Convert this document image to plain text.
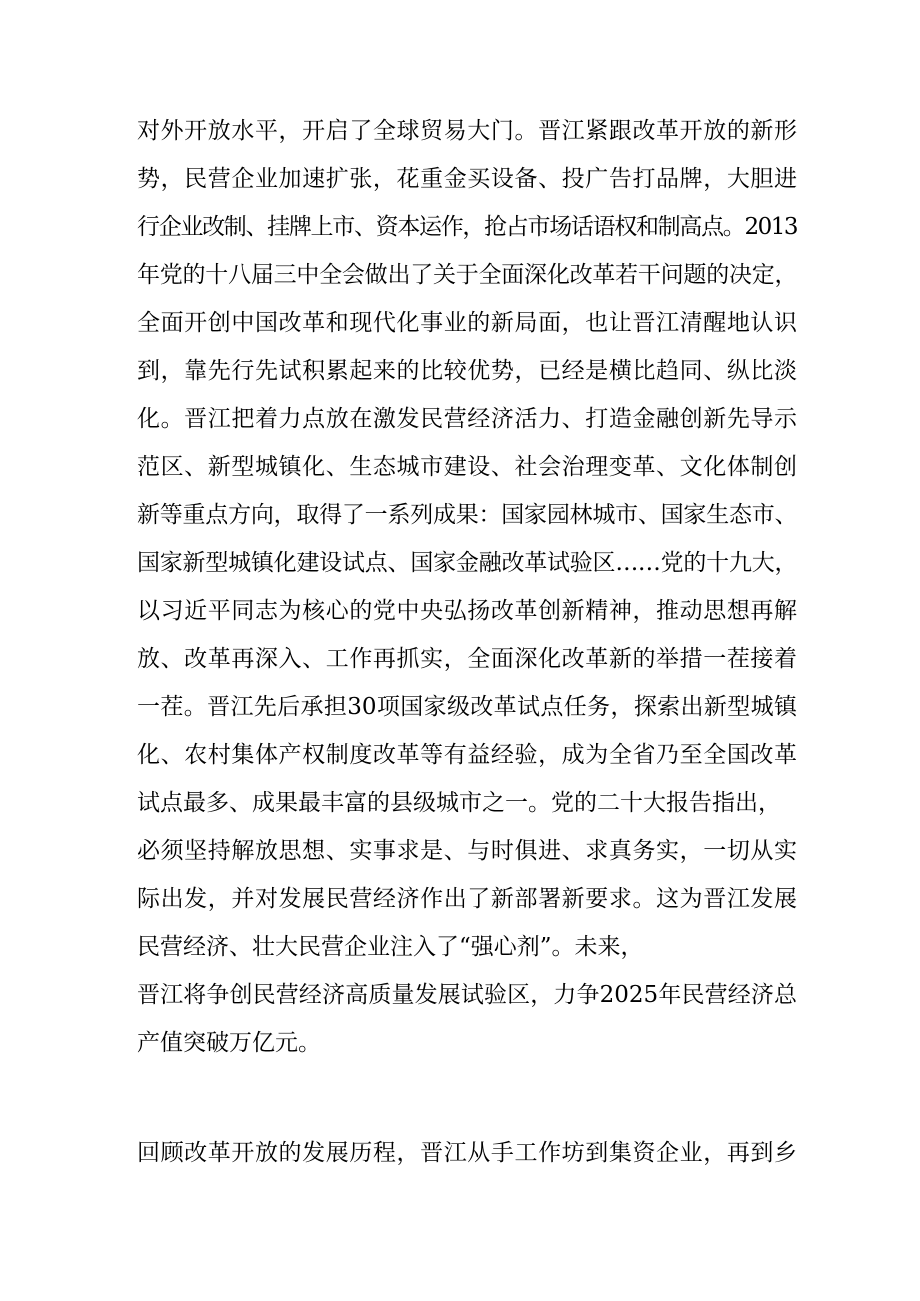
对外开放水平，开启了全球贸易大门。晋江紧跟改革开放的新形
势，民营企业加速扩张，花重金买设备、投广告打品牌，大胆进
行企业改制、挂牌上市、资本运作，抢占市场话语权和制高点。2013
年党的十八届三中全会做出了关于全面深化改革若干问题的决定，
全面开创中国改革和现代化事业的新局面，也让晋江清醒地认识
到，靠先行先试积累起来的比较优势，已经是横比趋同、纵比淡
化。晋江把着力点放在激发民营经济活力、打造金融创新先导示
范区、新型城镇化、生态城市建设、社会治理变革、文化体制创
新等重点方向，取得了一系列成果：国家园林城市、国家生态市、
国家新型城镇化建设试点、国家金融改革试验区……党的十九大，
以习近平同志为核心的党中央弘扬改革创新精神，推动思想再解
放、改革再深入、工作再抓实，全面深化改革新的举措一茬接着
一茬。晋江先后承担30项国家级改革试点任务，探索出新型城镇
化、农村集体产权制度改革等有益经验，成为全省乃至全国改革
试点最多、成果最丰富的县级城市之一。党的二十大报告指出，
必须坚持解放思想、实事求是、与时俱进、求真务实，一切从实
际出发，并对发展民营经济作出了新部署新要求。这为晋江发展
民营经济、壮大民营企业注入了“强心剂”。未来，
晋江将争创民营经济高质量发展试验区，力争2025年民营经济总
产值突破万亿元。
回顾改革开放的发展历程，晋江从手工作坊到集资企业，再到乡
